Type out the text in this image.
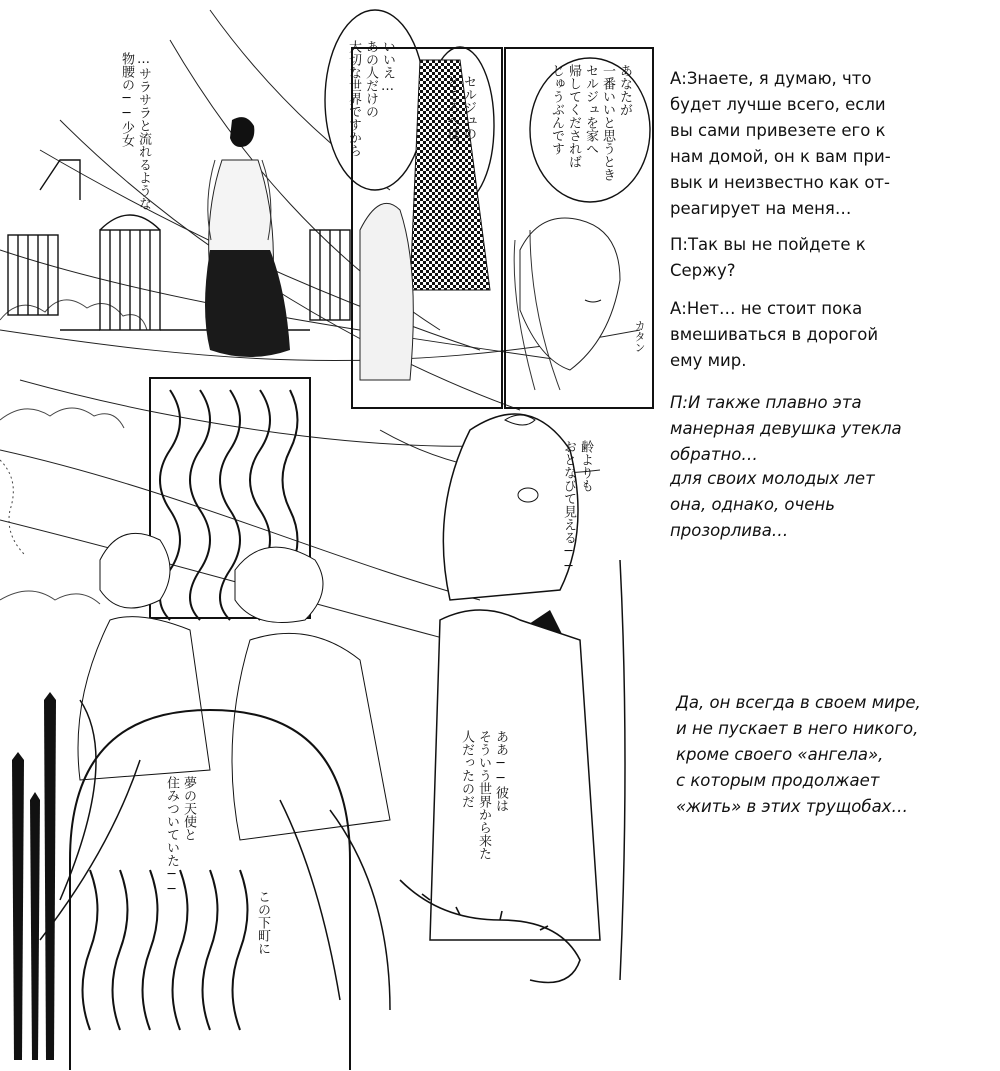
…サラサラと流れるような
物腰の──少女	いいえ…
あの人だけの
大切な世界ですから	セルジュの
ところへは？	あなたが
一番いいと思うとき
セルジュを家へ
帰してくだされば
じゅうぶんです
カタン
齢よりも
おとなびて見える──
ああ──彼は
そういう世界から来た
人だったのだ
夢の天使と
住みついていた──
この下町に
А:Знаете, я думаю, что
будет лучше всего, если
вы сами привезете его к
нам домой, он к вам при-
вык и неизвестно как от-
реагирует на меня…
П:Так вы не пойдете к
Сержу?
А:Нет… не стоит пока
вмешиваться в дорогой
ему мир.
П:И также плавно эта
манерная девушка утекла
обратно…
для своих молодых лет
она, однако, очень
прозорлива…
Да, он всегда в своем мире,
и не пускает в него никого,
кроме своего «ангела»,
с которым продолжает
«жить» в этих трущобах…
